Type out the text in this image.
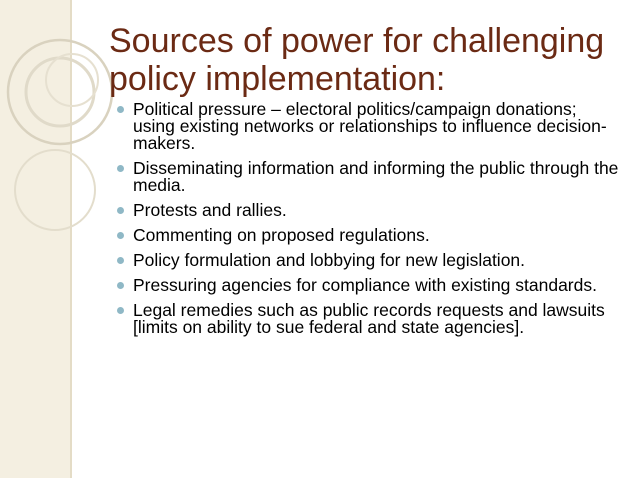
Sources of power for challenging policy implementation:
Political pressure – electoral politics/campaign donations; using existing networks or relationships to influence decision-makers.
Disseminating information and informing the public through the media.
Protests and rallies.
Commenting on proposed regulations.
Policy formulation and lobbying for new legislation.
Pressuring agencies for compliance with existing standards.
Legal remedies such as public records requests and lawsuits [limits on ability to sue federal and state agencies].
